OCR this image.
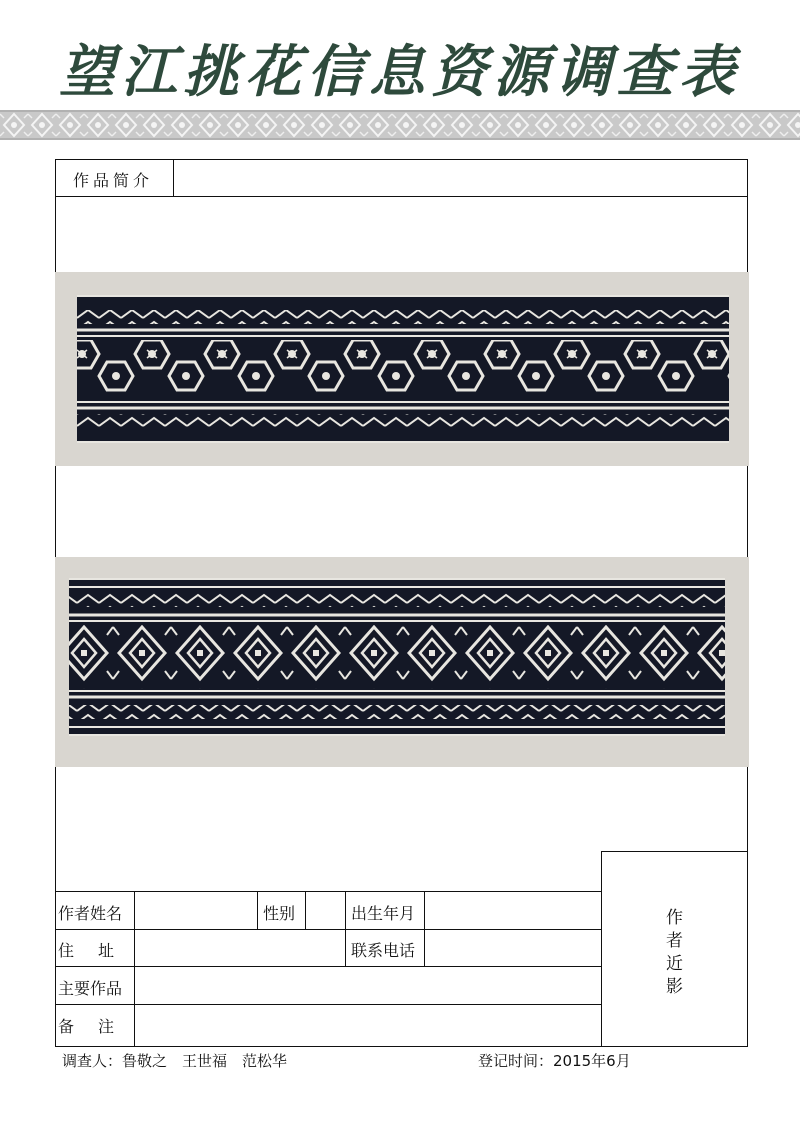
望江挑花信息资源调查表
作品简介
作
者
近
影
作者姓名	性别	出生年月
住　址	联系电话
主要作品
备　注
调查人：鲁敬之　王世福　范松华	登记时间：2015年6月
